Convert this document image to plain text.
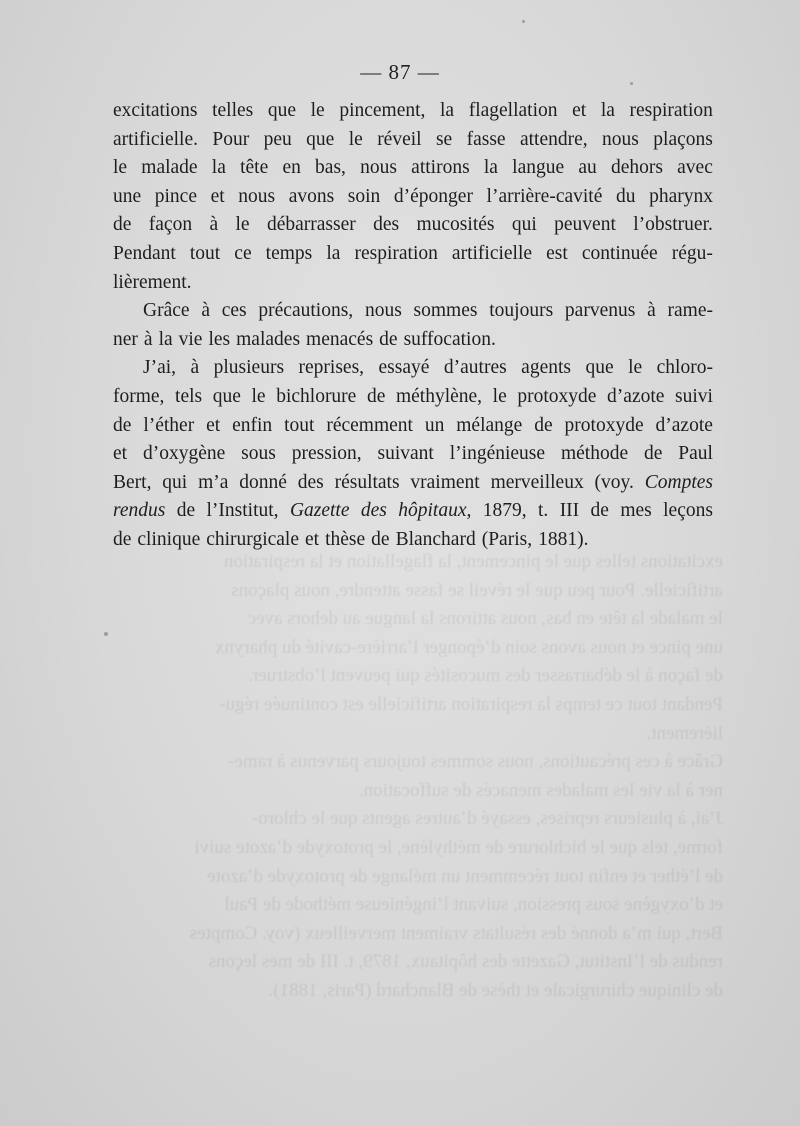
— 87 —
excitations telles que le pincement, la flagellation et la respiration
artificielle. Pour peu que le réveil se fasse attendre, nous plaçons
le malade la tête en bas, nous attirons la langue au dehors avec
une pince et nous avons soin d’éponger l’arrière-cavité du pharynx
de façon à le débarrasser des mucosités qui peuvent l’obstruer.
Pendant tout ce temps la respiration artificielle est continuée régu-
lièrement.
Grâce à ces précautions, nous sommes toujours parvenus à rame-
ner à la vie les malades menacés de suffocation.
J’ai, à plusieurs reprises, essayé d’autres agents que le chloro-
forme, tels que le bichlorure de méthylène, le protoxyde d’azote suivi
de l’éther et enfin tout récemment un mélange de protoxyde d’azote
et d’oxygène sous pression, suivant l’ingénieuse méthode de Paul
Bert, qui m’a donné des résultats vraiment merveilleux (voy. Comptes
rendus de l’Institut, Gazette des hôpitaux, 1879, t. III de mes leçons
de clinique chirurgicale et thèse de Blanchard (Paris, 1881).
excitations telles que le pincement, la flagellation et la respiration
artificielle. Pour peu que le réveil se fasse attendre, nous plaçons
le malade la tête en bas, nous attirons la langue au dehors avec
une pince et nous avons soin d’éponger l’arrière-cavité du pharynx
de façon à le débarrasser des mucosités qui peuvent l’obstruer.
Pendant tout ce temps la respiration artificielle est continuée régu-
lièrement.
Grâce à ces précautions, nous sommes toujours parvenus à rame-
ner à la vie les malades menacés de suffocation.
J’ai, à plusieurs reprises, essayé d’autres agents que le chloro-
forme, tels que le bichlorure de méthylène, le protoxyde d’azote suivi
de l’éther et enfin tout récemment un mélange de protoxyde d’azote
et d’oxygène sous pression, suivant l’ingénieuse méthode de Paul
Bert, qui m’a donné des résultats vraiment merveilleux (voy. Comptes
rendus de l’Institut, Gazette des hôpitaux, 1879, t. III de mes leçons
de clinique chirurgicale et thèse de Blanchard (Paris, 1881).
